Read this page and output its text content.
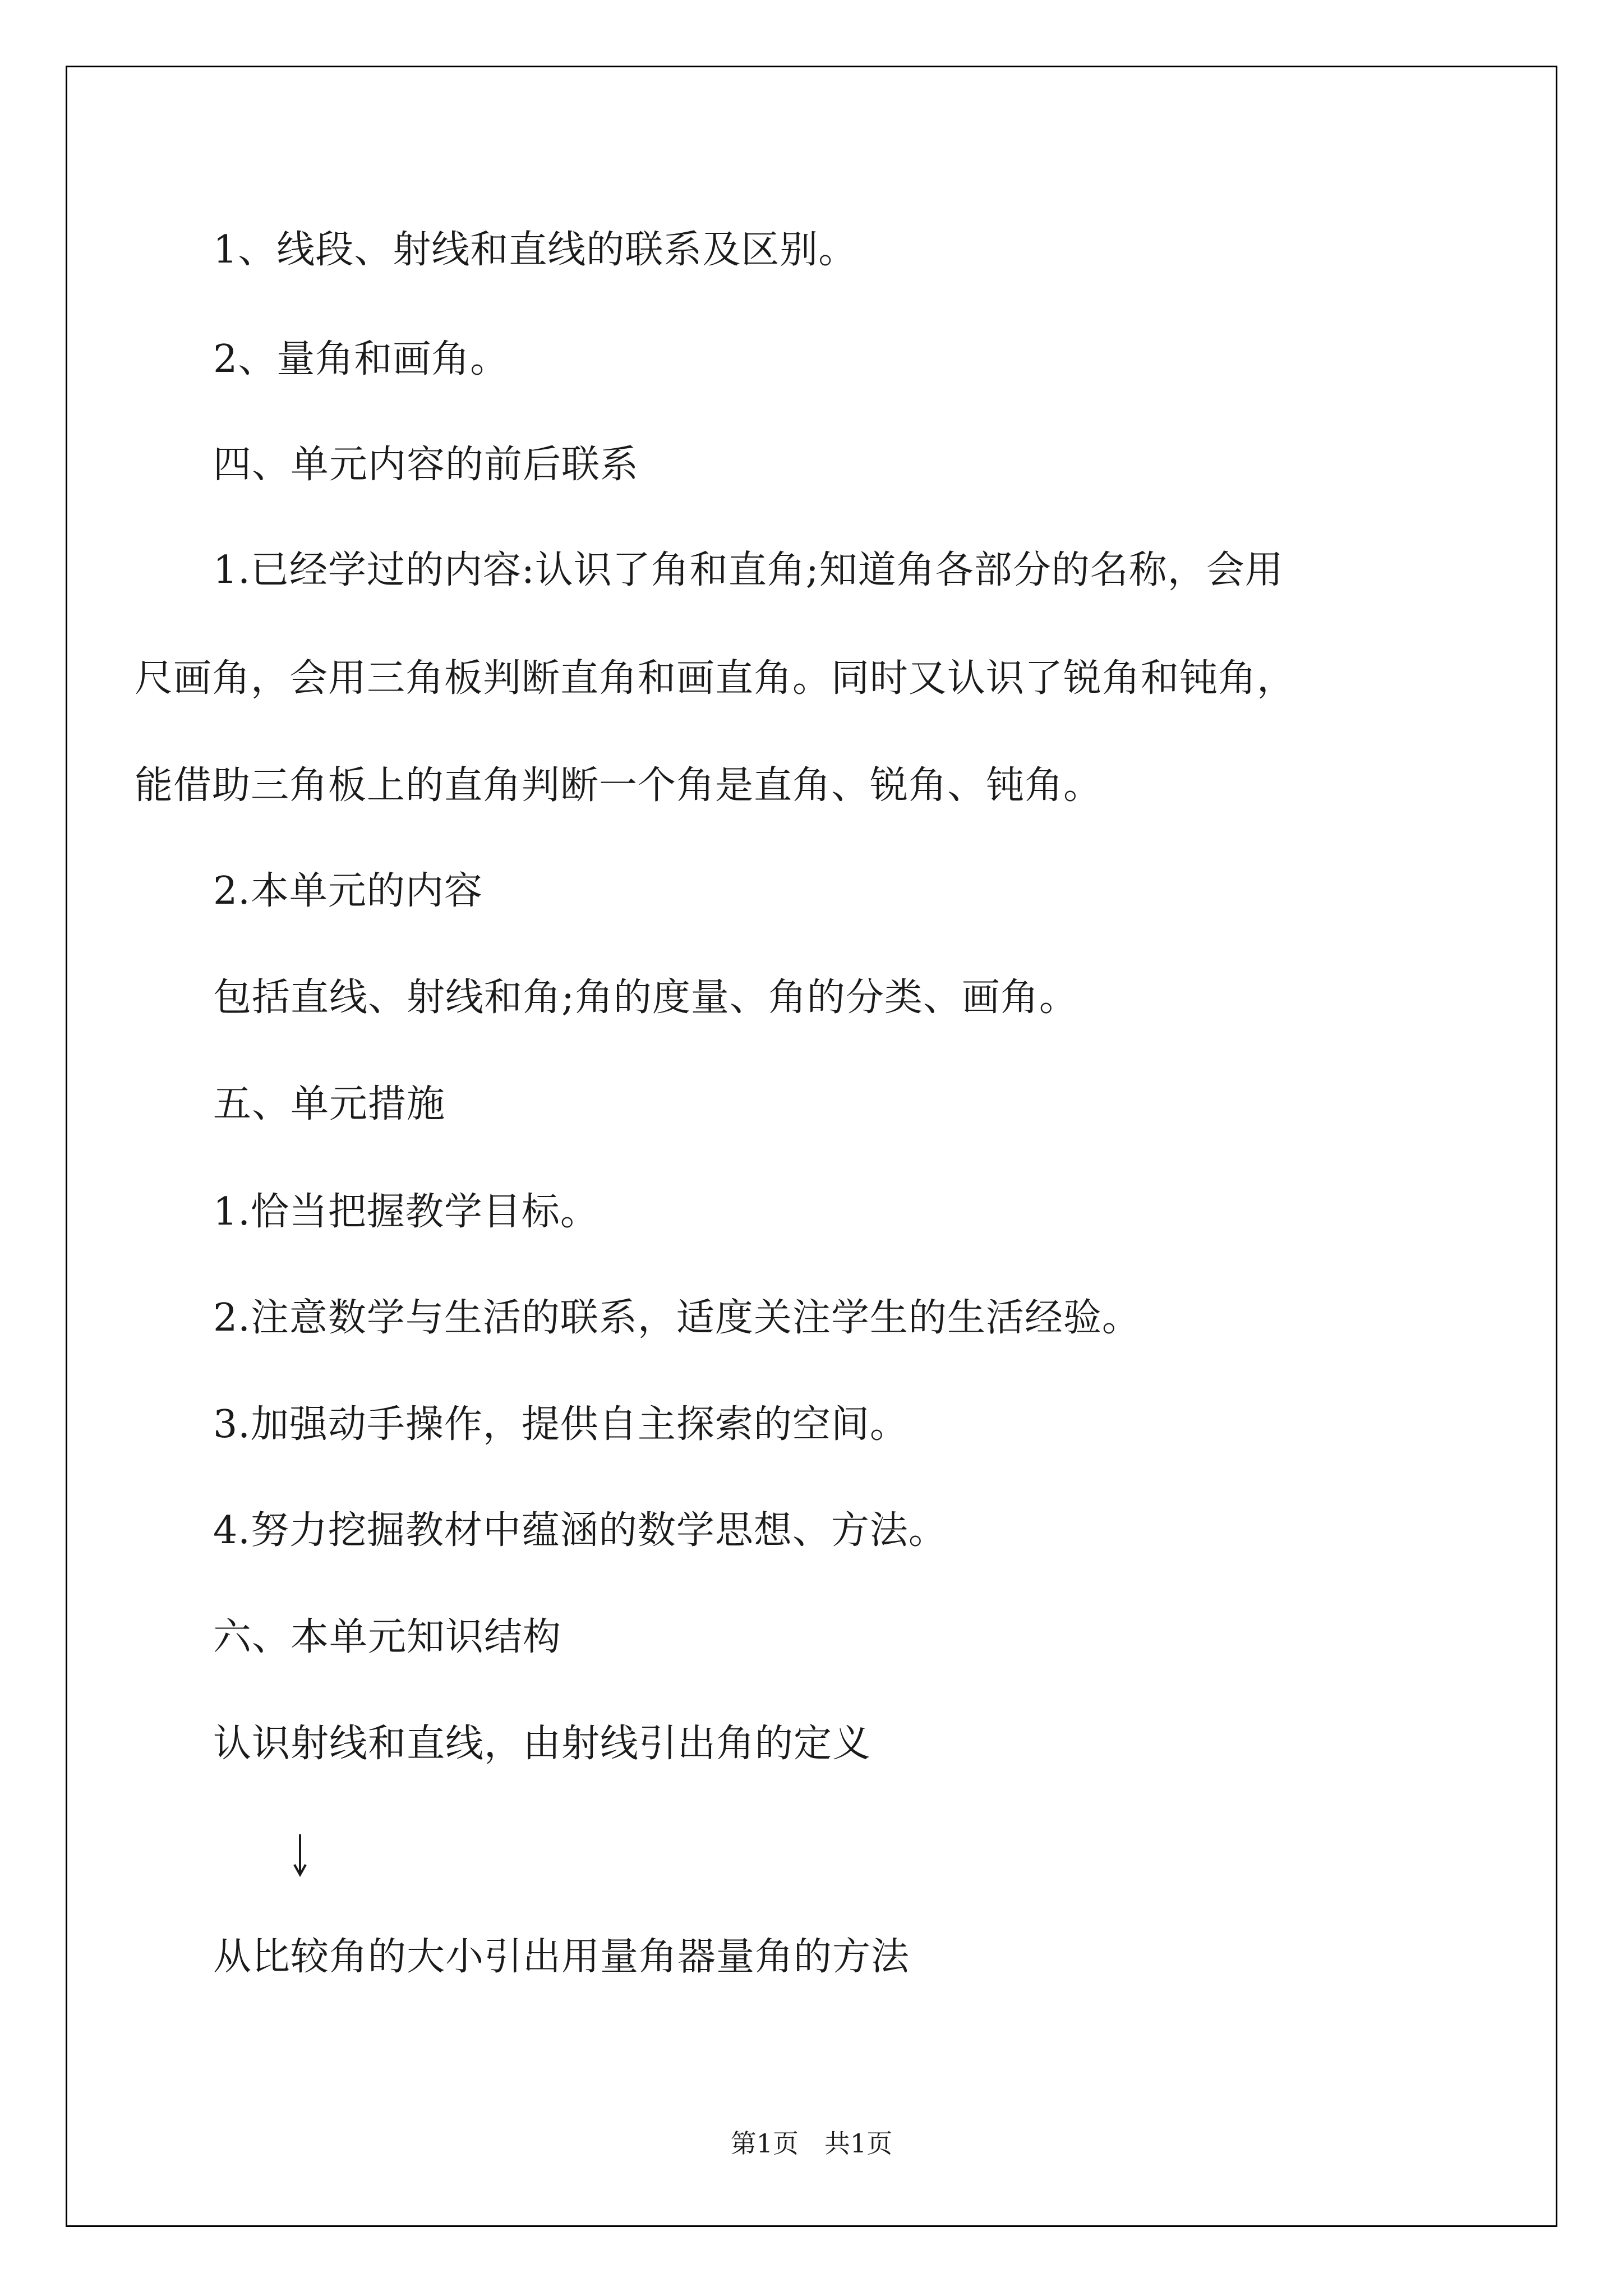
1、线段、射线和直线的联系及区别。

2、量角和画角。

四、单元内容的前后联系

1.已经学过的内容:认识了角和直角;知道角各部分的名称，会用

尺画角，会用三角板判断直角和画直角。同时又认识了锐角和钝角，

能借助三角板上的直角判断一个角是直角、锐角、钝角。

2.本单元的内容

包括直线、射线和角;角的度量、角的分类、画角。

五、单元措施

1.恰当把握教学目标。

2.注意数学与生活的联系，适度关注学生的生活经验。

3.加强动手操作，提供自主探索的空间。

4.努力挖掘教材中蕴涵的数学思想、方法。

六、本单元知识结构

认识射线和直线，由射线引出角的定义

从比较角的大小引出用量角器量角的方法

第1页　共1页
